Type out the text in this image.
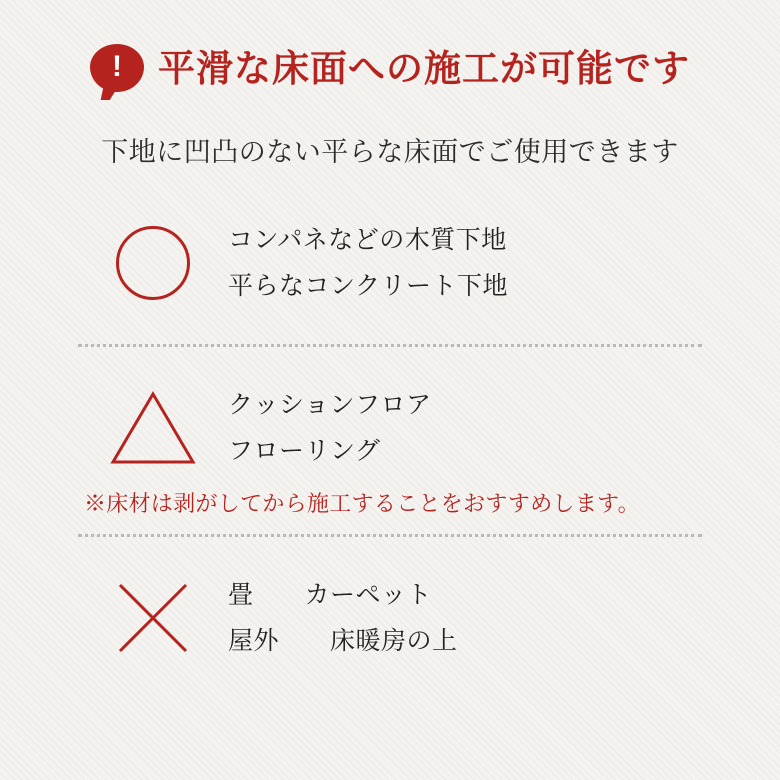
! 平滑な床面への施工が可能です
下地に凹凸のない平らな床面でご使用できます
コンパネなどの木質下地
平らなコンクリート下地
クッションフロア
フローリング
※床材は剥がしてから施工することをおすすめします。
畳　　カーペット
屋外　　床暖房の上
